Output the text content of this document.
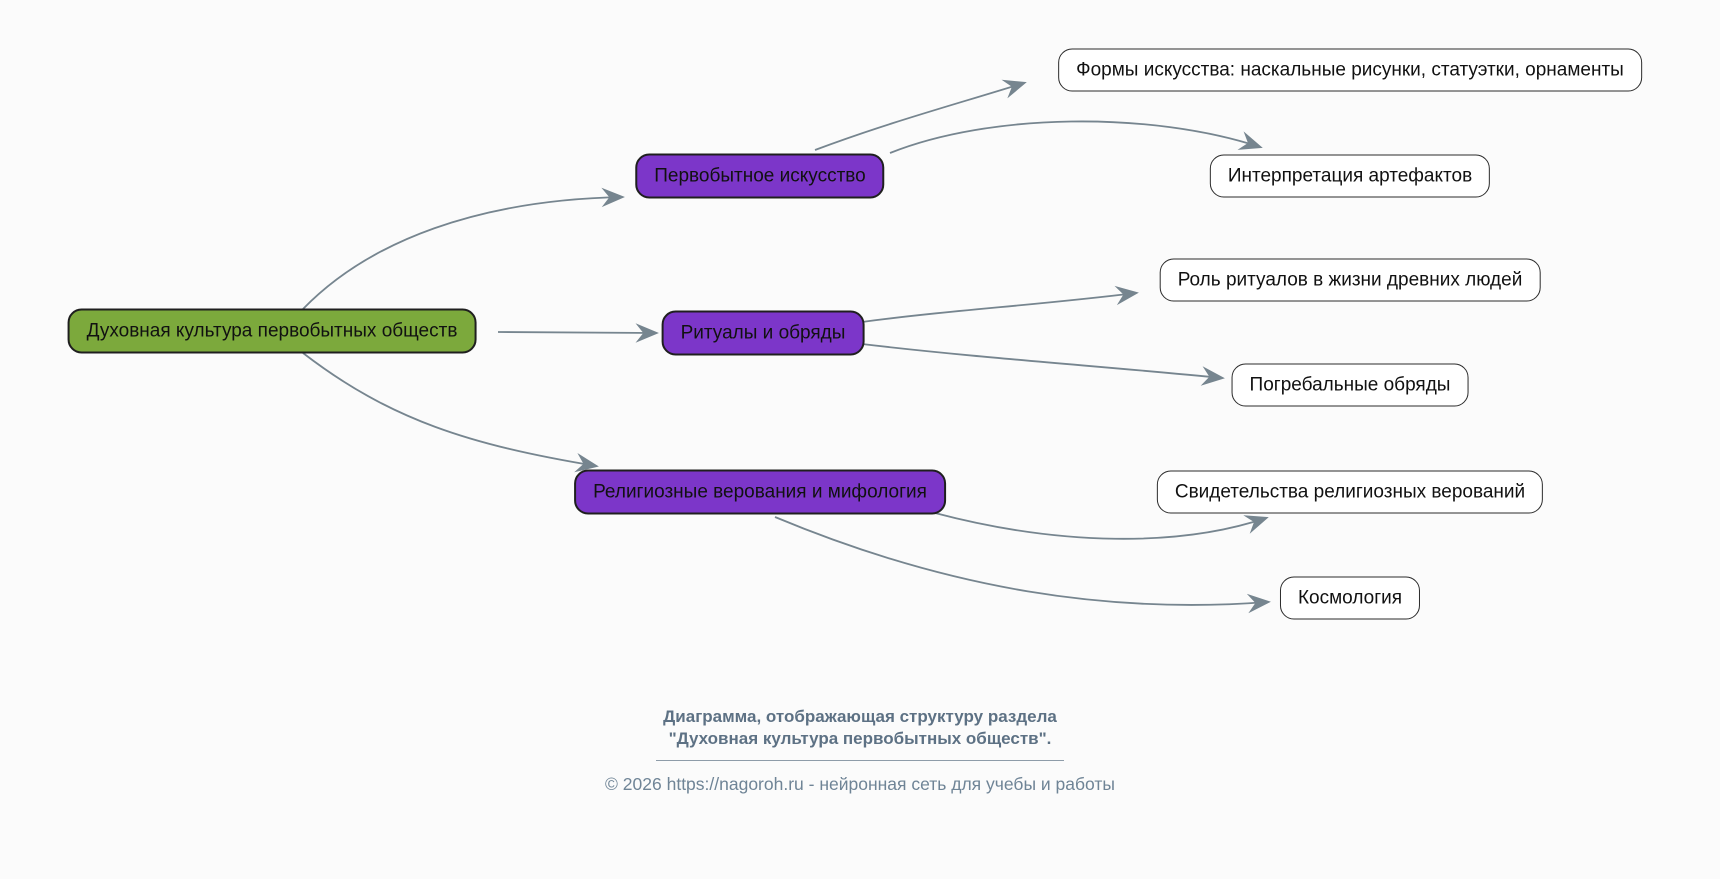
Духовная культура первобытных обществ
Первобытное искусство
Ритуалы и обряды
Религиозные верования и мифология
Формы искусства: наскальные рисунки, статуэтки, орнаменты
Интерпретация артефактов
Роль ритуалов в жизни древних людей
Погребальные обряды
Свидетельства религиозных верований
Космология
Диаграмма, отображающая структуру раздела
"Духовная культура первобытных обществ".
© 2026 https://nagoroh.ru - нейронная сеть для учебы и работы
